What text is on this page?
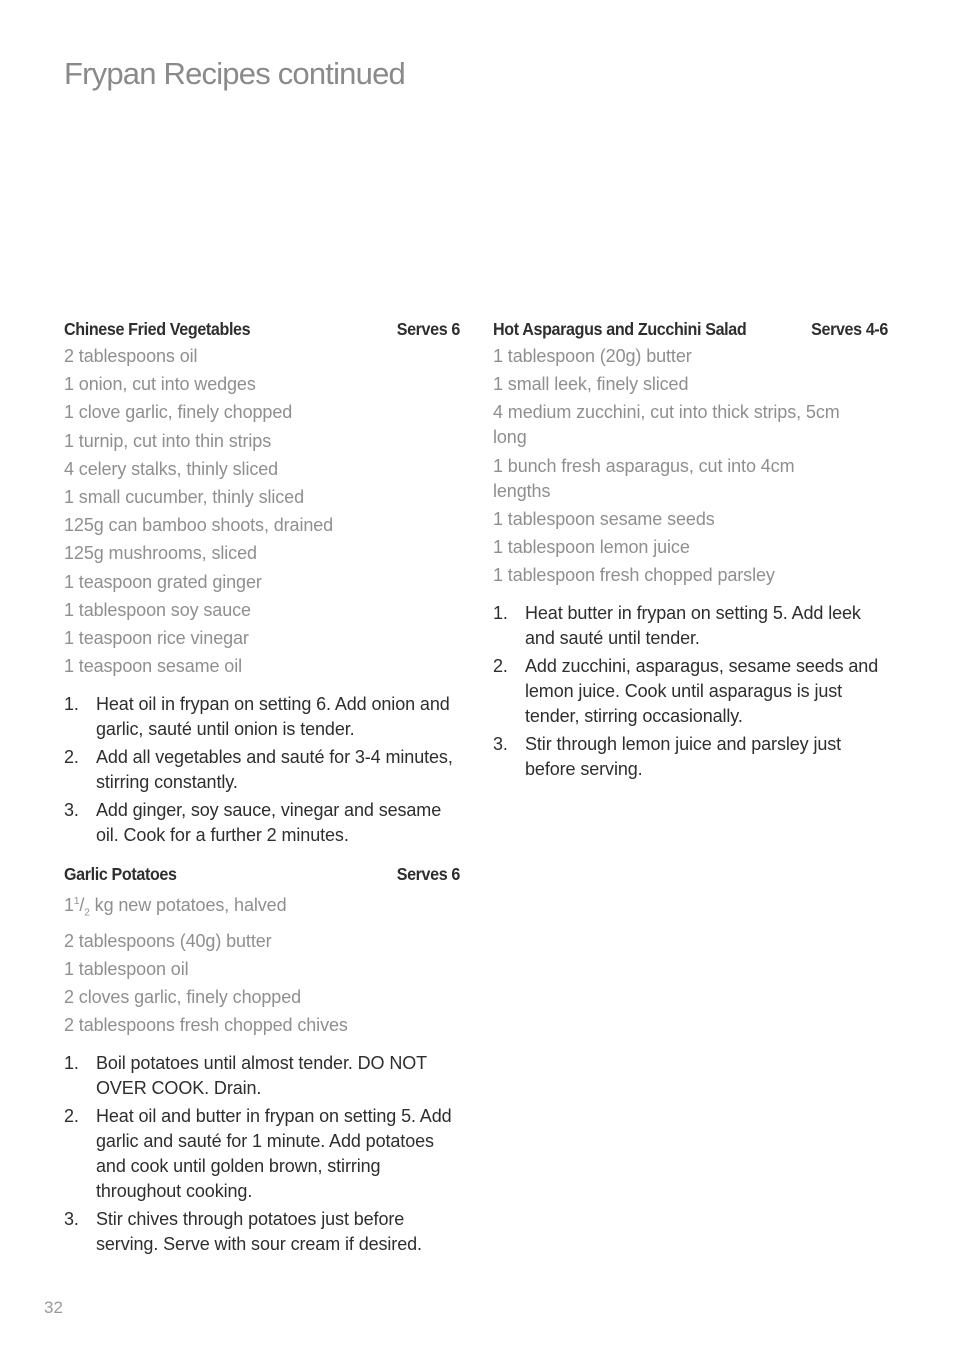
Frypan Recipes continued
Chinese Fried Vegetables	Serves 6
2 tablespoons oil
1 onion, cut into wedges
1 clove garlic, finely chopped
1 turnip, cut into thin strips
4 celery stalks, thinly sliced
1 small cucumber, thinly sliced
125g can bamboo shoots, drained
125g mushrooms, sliced
1 teaspoon grated ginger
1 tablespoon soy sauce
1 teaspoon rice vinegar
1 teaspoon sesame oil
1. Heat oil in frypan on setting 6. Add onion and garlic, sauté until onion is tender.
2. Add all vegetables and sauté for 3-4 minutes, stirring constantly.
3. Add ginger, soy sauce, vinegar and sesame oil. Cook for a further 2 minutes.
Garlic Potatoes	Serves 6
$1^1/_2$ kg new potatoes, halved
2 tablespoons (40g) butter
1 tablespoon oil
2 cloves garlic, finely chopped
2 tablespoons fresh chopped chives
1. Boil potatoes until almost tender. DO NOT OVER COOK. Drain.
2. Heat oil and butter in frypan on setting 5. Add garlic and sauté for 1 minute. Add potatoes and cook until golden brown, stirring throughout cooking.
3. Stir chives through potatoes just before serving. Serve with sour cream if desired.
Hot Asparagus and Zucchini Salad	Serves 4-6
1 tablespoon (20g) butter
1 small leek, finely sliced
4 medium zucchini, cut into thick strips, 5cm long
1 bunch fresh asparagus, cut into 4cm lengths
1 tablespoon sesame seeds
1 tablespoon lemon juice
1 tablespoon fresh chopped parsley
1. Heat butter in frypan on setting 5. Add leek and sauté until tender.
2. Add zucchini, asparagus, sesame seeds and lemon juice. Cook until asparagus is just tender, stirring occasionally.
3. Stir through lemon juice and parsley just before serving.
32
